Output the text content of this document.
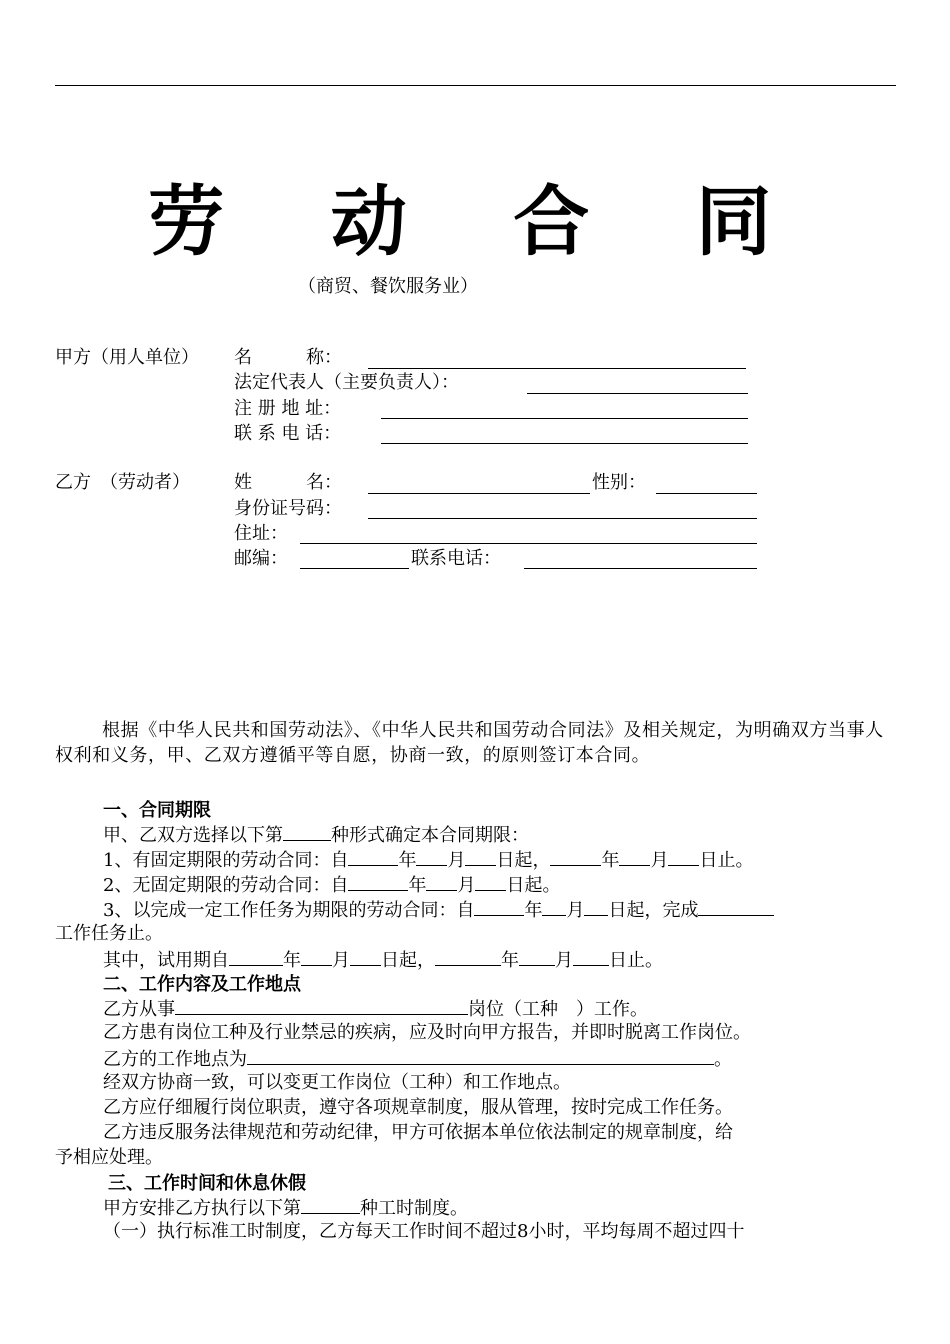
劳 动 合 同
（商贸、餐饮服务业）
甲方（用人单位） 名　　　称：
法定代表人（主要负责人）：
注 册 地 址：
联 系 电 话：
乙方　（劳动者） 姓　　　名：	性别：
身份证号码：
住址：
邮编：	联系电话：
根据《中华人民共和国劳动法》、《中华人民共和国劳动合同法》及相关规定，为明确双方当事人权利和义务，甲、乙双方遵循平等自愿，协商一致，的原则签订本合同。
一、合同期限
甲、乙双方选择以下第	种形式确定本合同期限：
1、有固定期限的劳动合同：自	年 月 日起，	年 月 日止。
2、无固定期限的劳动合同：自	年 月 日起。
3、以完成一定工作任务为期限的劳动合同：自	年 月 日起，完成
工作任务止。
其中，试用期自	年 月 日起，	年 月 日止。
二、工作内容及工作地点
乙方从事	岗位（工种　）工作。
乙方患有岗位工种及行业禁忌的疾病，应及时向甲方报告，并即时脱离工作岗位。
乙方的工作地点为	。
经双方协商一致，可以变更工作岗位（工种）和工作地点。
乙方应仔细履行岗位职责，遵守各项规章制度，服从管理，按时完成工作任务。
乙方违反服务法律规范和劳动纪律，甲方可依据本单位依法制定的规章制度，给
予相应处理。
三、工作时间和休息休假
甲方安排乙方执行以下第	种工时制度。
（一）执行标准工时制度，乙方每天工作时间不超过8小时，平均每周不超过四十
